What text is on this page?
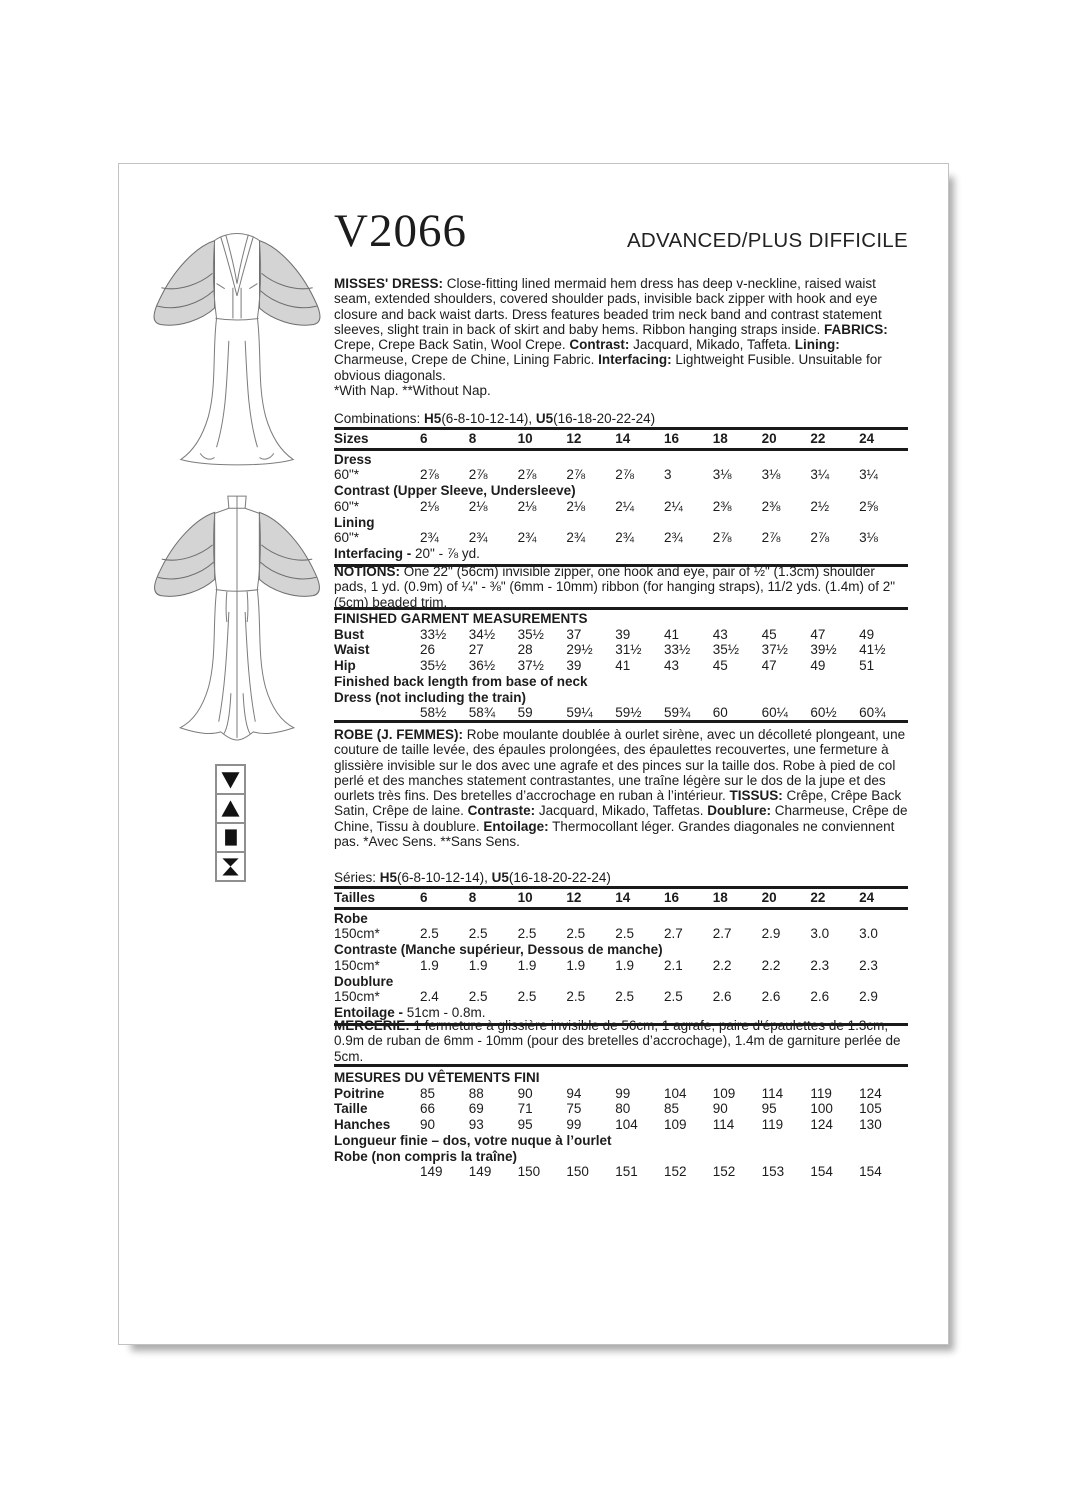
V2066	ADVANCED/PLUS DIFFICILE
MISSES' DRESS: Close-fitting lined mermaid hem dress has deep v-neckline, raised waist seam, extended shoulders, covered shoulder pads, invisible back zipper with hook and eye closure and back waist darts. Dress features beaded trim neck band and contrast statement sleeves, slight train in back of skirt and baby hems. Ribbon hanging straps inside. FABRICS: Crepe, Crepe Back Satin, Wool Crepe. Contrast: Jacquard, Mikado, Taffeta. Lining: Charmeuse, Crepe de Chine, Lining Fabric. Interfacing: Lightweight Fusible. Unsuitable for obvious diagonals.
*With Nap. **Without Nap.
Combinations: H5(6-8-10-12-14), U5(16-18-20-22-24)
Sizes	6	8	10	12	14	16	18	20	22	24
Dress
60"*	2⅞	2⅞	2⅞	2⅞	2⅞	3	3⅛	3⅛	3¼	3¼
Contrast (Upper Sleeve, Undersleeve)
60"*	2⅛	2⅛	2⅛	2⅛	2¼	2¼	2⅜	2⅜	2½	2⅝
Lining
60"*	2¾	2¾	2¾	2¾	2¾	2¾	2⅞	2⅞	2⅞	3⅛
Interfacing - 20" - ⅞ yd.
NOTIONS: One 22" (56cm) invisible zipper, one hook and eye, pair of ½" (1.3cm) shoulder pads, 1 yd. (0.9m) of ¼" - ⅜" (6mm - 10mm) ribbon (for hanging straps), 11/2 yds. (1.4m) of 2" (5cm) beaded trim.
FINISHED GARMENT MEASUREMENTS
Bust	33½	34½	35½	37	39	41	43	45	47	49
Waist	26	27	28	29½	31½	33½	35½	37½	39½	41½
Hip	35½	36½	37½	39	41	43	45	47	49	51
Finished back length from base of neck
Dress (not including the train)
58½	58¾	59	59¼	59½	59¾	60	60¼	60½	60¾
ROBE (J. FEMMES): Robe moulante doublée à ourlet sirène, avec un décolleté plongeant, une couture de taille levée, des épaules prolongées, des épaulettes recouvertes, une fermeture à glissière invisible sur le dos avec une agrafe et des pinces sur la taille dos. Robe à pied de col perlé et des manches statement contrastantes, une traîne légère sur le dos de la jupe et des ourlets très fins. Des bretelles d’accrochage en ruban à l’intérieur. TISSUS: Crêpe, Crêpe Back Satin, Crêpe de laine. Contraste: Jacquard, Mikado, Taffetas. Doublure: Charmeuse, Crêpe de Chine, Tissu à doublure. Entoilage: Thermocollant léger. Grandes diagonales ne conviennent pas. *Avec Sens. **Sans Sens.
Séries: H5(6-8-10-12-14), U5(16-18-20-22-24)
Tailles	6	8	10	12	14	16	18	20	22	24
Robe
150cm*	2.5	2.5	2.5	2.5	2.5	2.7	2.7	2.9	3.0	3.0
Contraste (Manche supérieur, Dessous de manche)
150cm*	1.9	1.9	1.9	1.9	1.9	2.1	2.2	2.2	2.3	2.3
Doublure
150cm*	2.4	2.5	2.5	2.5	2.5	2.5	2.6	2.6	2.6	2.9
Entoilage - 51cm - 0.8m.
MERCERIE: 1 fermeture à glissière invisible de 56cm, 1 agrafe, paire d'épaulettes de 1.3cm, 0.9m de ruban de 6mm - 10mm (pour des bretelles d’accrochage), 1.4m de garniture perlée de 5cm.
MESURES DU VÊTEMENTS FINI
Poitrine	85	88	90	94	99	104	109	114	119	124
Taille	66	69	71	75	80	85	90	95	100	105
Hanches	90	93	95	99	104	109	114	119	124	130
Longueur finie – dos, votre nuque à l’ourlet
Robe (non compris la traîne)
149	149	150	150	151	152	152	153	154	154
